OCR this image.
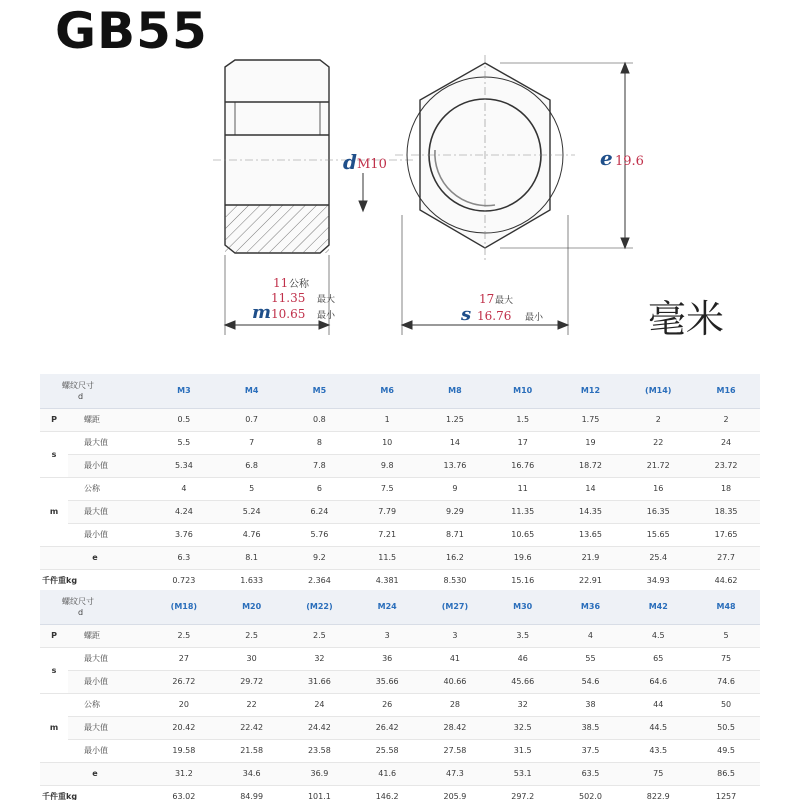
GB55
d M10	e 19.6
11 公称
11.35 最大
m 10.65 最小
17 最大
s 16.76 最小	毫米
螺纹尺寸
d		M3	M4	M5	M6	M8	M10	M12	(M14)	M16
P	螺距	0.5	0.7	0.8	1	1.25	1.5	1.75	2	2
s	最大值	5.5	7	8	10	14	17	19	22	24
	最小值	5.34	6.8	7.8	9.8	13.76	16.76	18.72	21.72	23.72
m	公称	4	5	6	7.5	9	11	14	16	18
	最大值	4.24	5.24	6.24	7.79	9.29	11.35	14.35	16.35	18.35
	最小值	3.76	4.76	5.76	7.21	8.71	10.65	13.65	15.65	17.65
e		6.3	8.1	9.2	11.5	16.2	19.6	21.9	25.4	27.7
千件重kg		0.723	1.633	2.364	4.381	8.530	15.16	22.91	34.93	44.62
螺纹尺寸
d		(M18)	M20	(M22)	M24	(M27)	M30	M36	M42	M48
P	螺距	2.5	2.5	2.5	3	3	3.5	4	4.5	5
s	最大值	27	30	32	36	41	46	55	65	75
	最小值	26.72	29.72	31.66	35.66	40.66	45.66	54.6	64.6	74.6
m	公称	20	22	24	26	28	32	38	44	50
	最大值	20.42	22.42	24.42	26.42	28.42	32.5	38.5	44.5	50.5
	最小值	19.58	21.58	23.58	25.58	27.58	31.5	37.5	43.5	49.5
e		31.2	34.6	36.9	41.6	47.3	53.1	63.5	75	86.5
千件重kg		63.02	84.99	101.1	146.2	205.9	297.2	502.0	822.9	1257
